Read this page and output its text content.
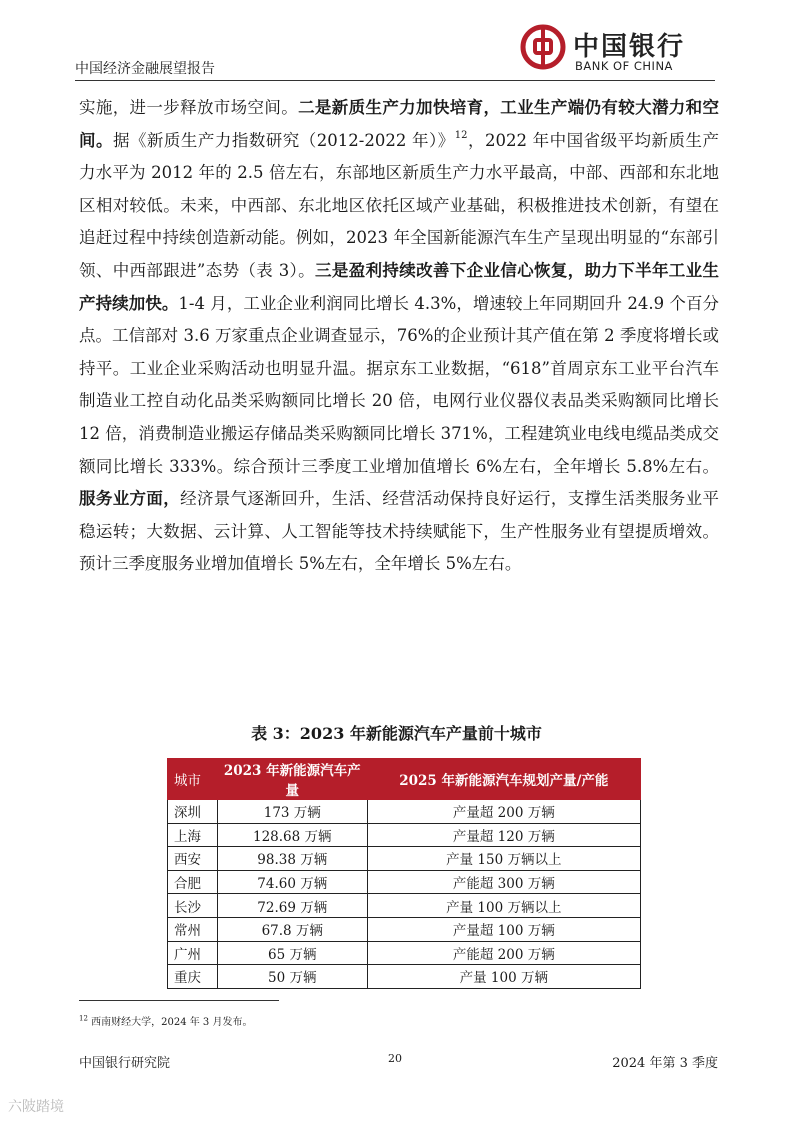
中国经济金融展望报告
中国银行
BANK OF CHINA

实施，进一步释放市场空间。二是新质生产力加快培育，工业生产端仍有较大潜力和空间。据《新质生产力指数研究（2012-2022 年）》$^{12}$，2022 年中国省级平均新质生产力水平为 2012 年的 2.5 倍左右，东部地区新质生产力水平最高，中部、西部和东北地区相对较低。未来，中西部、东北地区依托区域产业基础，积极推进技术创新，有望在追赶过程中持续创造新动能。例如，2023 年全国新能源汽车生产呈现出明显的“东部引领、中西部跟进”态势（表 3）。三是盈利持续改善下企业信心恢复，助力下半年工业生产持续加快。1-4 月，工业企业利润同比增长 4.3%，增速较上年同期回升 24.9 个百分点。工信部对 3.6 万家重点企业调查显示，76%的企业预计其产值在第 2 季度将增长或持平。工业企业采购活动也明显升温。据京东工业数据，“618”首周京东工业平台汽车制造业工控自动化品类采购额同比增长 20 倍，电网行业仪器仪表品类采购额同比增长 12 倍，消费制造业搬运存储品类采购额同比增长 371%，工程建筑业电线电缆品类成交额同比增长 333%。综合预计三季度工业增加值增长 6%左右，全年增长 5.8%左右。服务业方面，经济景气逐渐回升，生活、经营活动保持良好运行，支撑生活类服务业平稳运转；大数据、云计算、人工智能等技术持续赋能下，生产性服务业有望提质增效。预计三季度服务业增加值增长 5%左右，全年增长 5%左右。

表 3：2023 年新能源汽车产量前十城市
城市	2023 年新能源汽车产量	2025 年新能源汽车规划产量/产能
深圳	173 万辆	产量超 200 万辆
上海	128.68 万辆	产量超 120 万辆
西安	98.38 万辆	产量 150 万辆以上
合肥	74.60 万辆	产能超 300 万辆
长沙	72.69 万辆	产量 100 万辆以上
常州	67.8 万辆	产量超 100 万辆
广州	65 万辆	产能超 200 万辆
重庆	50 万辆	产量 100 万辆
$^{12}$ 西南财经大学，2024 年 3 月发布。
中国银行研究院	20	2024 年第 3 季度
六陂踏境
